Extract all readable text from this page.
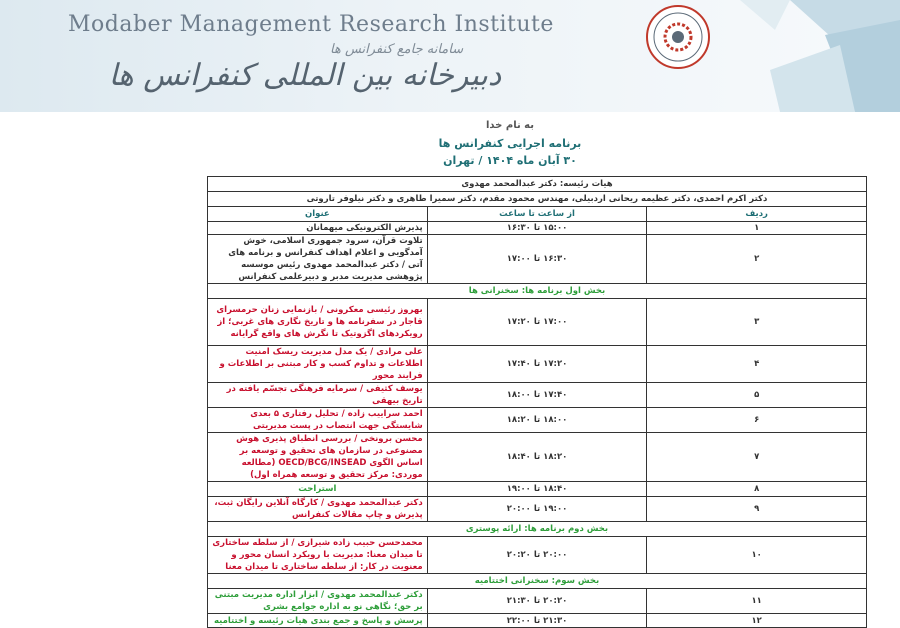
Modaber Management Research Institute
سامانه جامع کنفرانس ها
دبیرخانه بین المللی کنفرانس ها
به نام خدا
برنامه اجرایی کنفرانس ها
۳۰ آبان ماه ۱۴۰۴ / تهران
هیات رئیسه: دکتر عبدالمحمد مهدوی		
دکتر اکرم احمدی، دکتر عظیمه ریحانی اردبیلی، مهندس محمود مقدم، دکتر سمیرا طاهری و دکتر نیلوفر تاروتی		
ردیف	از ساعت تا ساعت	عنوان
۱	۱۵:۰۰ تا ۱۶:۳۰	پذیرش الکترونیکی میهمانان
۲	۱۶:۳۰ تا ۱۷:۰۰	تلاوت قرآن، سرود جمهوری اسلامی، خوش آمدگویی و اعلام اهداف کنفرانس و برنامه های آتی / دکتر عبدالمحمد مهدوی رئیس موسسه پژوهشی مدیریت مدبر و دبیرعلمی کنفرانس
بخش اول برنامه ها: سخنرانی ها		
۳	۱۷:۰۰ تا ۱۷:۲۰	بهروز رئیسی معکرونی / بازنمایی زنان حرمسرای قاجار در سفرنامه ها و تاریخ نگاری های غربی؛ از رویکردهای اگزوتیک تا نگرش های واقع گرایانه
۴	۱۷:۲۰ تا ۱۷:۴۰	علی مرادی / یک مدل مدیریت ریسک امنیت اطلاعات و تداوم کسب و کار مبتنی بر اطلاعات و فرایند محور
۵	۱۷:۴۰ تا ۱۸:۰۰	یوسف کثیفی / سرمایه فرهنگی تجسّم یافته در تاریخ بیهقی
۶	۱۸:۰۰ تا ۱۸:۲۰	احمد سراییب زاده / تحلیل رفتاری ۵ بعدی شایستگی جهت انتصاب در پست مدیریتی
۷	۱۸:۲۰ تا ۱۸:۴۰	محسن برونخی / بررسی انطباق پذیری هوش مصنوعی در سازمان های تحقیق و توسعه بر اساس الگوی OECD/BCG/INSEAD (مطالعه موردی: مرکز تحقیق و توسعه همراه اول)
۸	۱۸:۴۰ تا ۱۹:۰۰	استراحت
۹	۱۹:۰۰ تا ۲۰:۰۰	دکتر عبدالمحمد مهدوی / کارگاه آنلاین رایگان ثبت، پذیرش و چاپ مقالات کنفرانس
بخش دوم برنامه ها: ارائه پوستری		
۱۰	۲۰:۰۰ تا ۲۰:۲۰	محمدحسن حبیب زاده شیرازی / از سلطه ساختاری تا میدان معنا: مدیریت با رویکرد انسان محور و معنویت در کار: از سلطه ساختاری تا میدان معنا
بخش سوم: سخنرانی اختتامیه		
۱۱	۲۰:۲۰ تا ۲۱:۳۰	دکتر عبدالمحمد مهدوی / ابزار اداره مدیریت مبتنی بر حق؛ نگاهی نو به اداره جوامع بشری
۱۲	۲۱:۳۰ تا ۲۲:۰۰	پرسش و پاسخ و جمع بندی هیات رئیسه و اختتامیه
